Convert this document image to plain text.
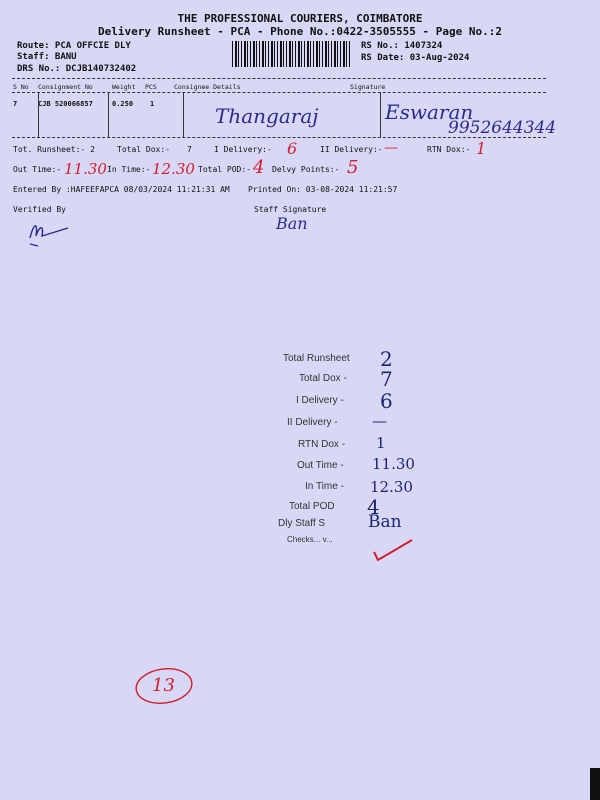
THE PROFESSIONAL COURIERS, COIMBATORE
Delivery Runsheet - PCA - Phone No.:0422-3505555 - Page No.:2
Route: PCA OFFCIE DLY
Staff: BANU
DRS No.: DCJB140732402
RS No.: 1407324
RS Date: 03-Aug-2024
S No Consignment No	Weight PCS	Consignee Details	Signature
7	CJB 520066857	0.250 1	Thangaraj	Eswaran
9952644344
Tot. Runsheet:- 2	Total Dox:- 7	I Delivery:- 6	II Delivery:- —	RTN Dox:- 1
Out Time:- 11.30 In Time:- 12.30 Total POD:- 4 Delvy Points:- 5
Entered By :HAFEEFAPCA 08/03/2024 11:21:31 AM Printed On: 03-08-2024 11:21:57
Verified By	Staff Signature
Ban
Total Runsheet 2
Total Dox - 7
I Delivery - 6
II Delivery - —
RTN Dox - 1
Out Time - 11.30
In Time - 12.30
Total POD 4
Dly Staff S	Ban
Checks... v...
13
